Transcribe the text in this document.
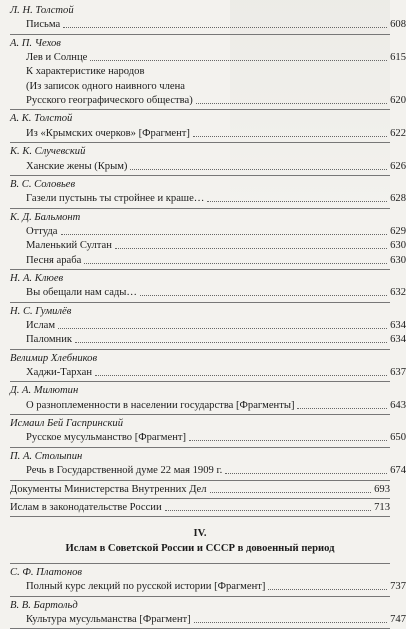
Л. Н. Толстой
Письма	608
А. П. Чехов
Лев и Солнце	615
К характеристике народов
(Из записок одного наивного члена
Русского географического общества)	620
А. К. Толстой
Из «Крымских очерков» [Фрагмент]	622
К. К. Случевский
Ханские жены (Крым)	626
В. С. Соловьев
Газели пустынь ты стройнее и краше…	628
К. Д. Бальмонт
Оттуда	629
Маленький Султан	630
Песня араба	630
Н. А. Клюев
Вы обещали нам сады…	632
Н. С. Гумилёв
Ислам	634
Паломник	634
Велимир Хлебников
Хаджи-Тархан	637
Д. А. Милютин
О разноплеменности в населении государства [Фрагменты]	643
Исмаил Бей Гаспринский
Русское мусульманство [Фрагмент]	650
П. А. Столыпин
Речь в Государственной думе 22 мая 1909 г.	674
Документы Министерства Внутренних Дел	693
Ислам в законодательстве России	713
IV.
Ислам в Советской России и СССР в довоенный период
С. Ф. Платонов
Полный курс лекций по русской истории [Фрагмент]	737
В. В. Бартольд
Культура мусульманства [Фрагмент]	747
